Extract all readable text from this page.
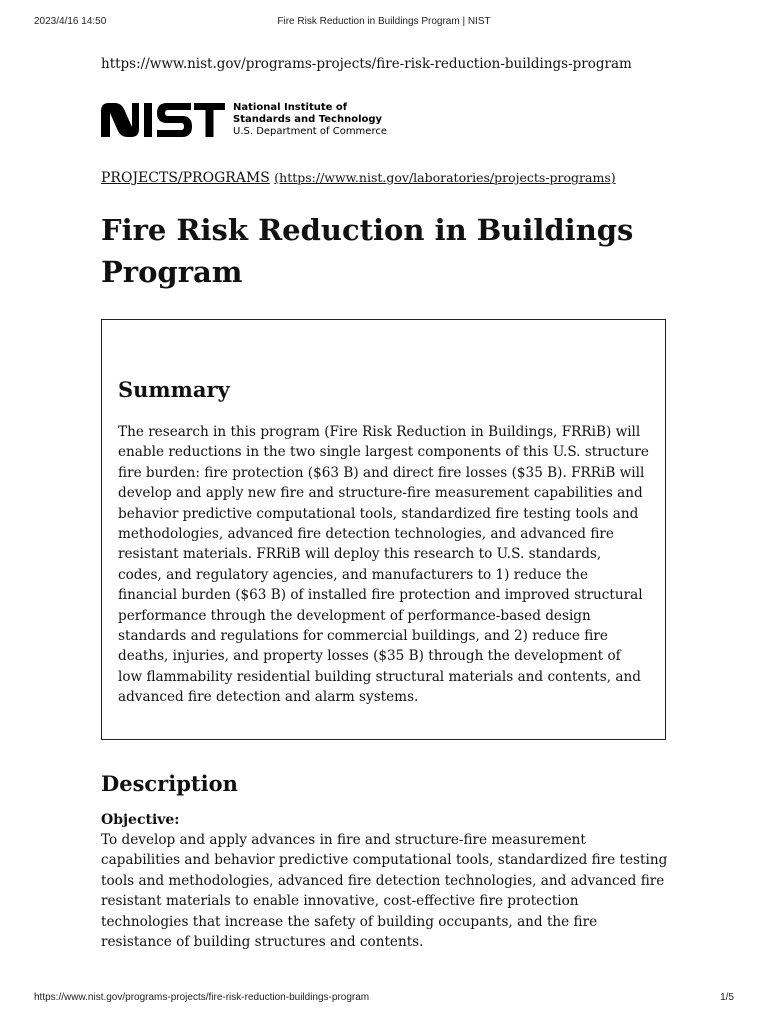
2023/4/16 14:50	Fire Risk Reduction in Buildings Program | NIST

https://www.nist.gov/programs-projects/fire-risk-reduction-buildings-program

National Institute of
Standards and Technology
U.S. Department of Commerce
PROJECTS/PROGRAMS (https://www.nist.gov/laboratories/projects-programs)
Fire Risk Reduction in Buildings Program
Summary

The research in this program (Fire Risk Reduction in Buildings, FRRiB) will enable reductions in the two single largest components of this U.S. structure fire burden: fire protection ($63 B) and direct fire losses ($35 B). FRRiB will develop and apply new fire and structure-fire measurement capabilities and behavior predictive computational tools, standardized fire testing tools and methodologies, advanced fire detection technologies, and advanced fire resistant materials. FRRiB will deploy this research to U.S. standards, codes, and regulatory agencies, and manufacturers to 1) reduce the financial burden ($63 B) of installed fire protection and improved structural performance through the development of performance-based design standards and regulations for commercial buildings, and 2) reduce fire deaths, injuries, and property losses ($35 B) through the development of low flammability residential building structural materials and contents, and advanced fire detection and alarm systems.

Description
Objective:

To develop and apply advances in fire and structure-fire measurement capabilities and behavior predictive computational tools, standardized fire testing tools and methodologies, advanced fire detection technologies, and advanced fire resistant materials to enable innovative, cost-effective fire protection technologies that increase the safety of building occupants, and the fire resistance of building structures and contents.

https://www.nist.gov/programs-projects/fire-risk-reduction-buildings-program	1/5
